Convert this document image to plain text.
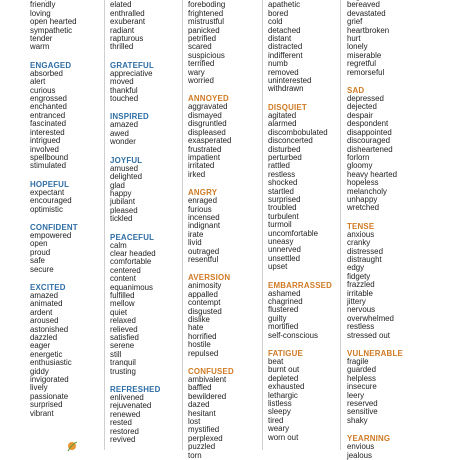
friendly
loving
open hearted
sympathetic
tender
warm
ENGAGED
absorbed
alert
curious
engrossed
enchanted
entranced
fascinated
interested
intrigued
involved
spellbound
stimulated
HOPEFUL
expectant
encouraged
optimistic
CONFIDENT
empowered
open
proud
safe
secure
EXCITED
amazed
animated
ardent
aroused
astonished
dazzled
eager
energetic
enthusiastic
giddy
invigorated
lively
passionate
surprised
vibrant
elated
enthralled
exuberant
radiant
rapturous
thrilled
GRATEFUL
appreciative
moved
thankful
touched
INSPIRED
amazed
awed
wonder
JOYFUL
amused
delighted
glad
happy
jubilant
pleased
tickled
PEACEFUL
calm
clear headed
comfortable
centered
content
equanimous
fulfilled
mellow
quiet
relaxed
relieved
satisfied
serene
still
tranquil
trusting
REFRESHED
enlivened
rejuvenated
renewed
rested
restored
revived
foreboding
frightened
mistrustful
panicked
petrified
scared
suspicious
terrified
wary
worried
ANNOYED
aggravated
dismayed
disgruntled
displeased
exasperated
frustrated
impatient
irritated
irked
ANGRY
enraged
furious
incensed
indignant
irate
livid
outraged
resentful
AVERSION
animosity
appalled
contempt
disgusted
dislike
hate
horrified
hostile
repulsed
CONFUSED
ambivalent
baffled
bewildered
dazed
hesitant
lost
mystified
perplexed
puzzled
torn
apathetic
bored
cold
detached
distant
distracted
indifferent
numb
removed
uninterested
withdrawn
DISQUIET
agitated
alarmed
discombobulated
disconcerted
disturbed
perturbed
rattled
restless
shocked
startled
surprised
troubled
turbulent
turmoil
uncomfortable
uneasy
unnerved
unsettled
upset
EMBARRASSED
ashamed
chagrined
flustered
guilty
mortified
self-conscious
FATIGUE
beat
burnt out
depleted
exhausted
lethargic
listless
sleepy
tired
weary
worn out
bereaved
devastated
grief
heartbroken
hurt
lonely
miserable
regretful
remorseful
SAD
depressed
dejected
despair
despondent
disappointed
discouraged
disheartened
forlorn
gloomy
heavy hearted
hopeless
melancholy
unhappy
wretched
TENSE
anxious
cranky
distressed
distraught
edgy
fidgety
frazzled
irritable
jittery
nervous
overwhelmed
restless
stressed out
VULNERABLE
fragile
guarded
helpless
insecure
leery
reserved
sensitive
shaky
YEARNING
envious
jealous
